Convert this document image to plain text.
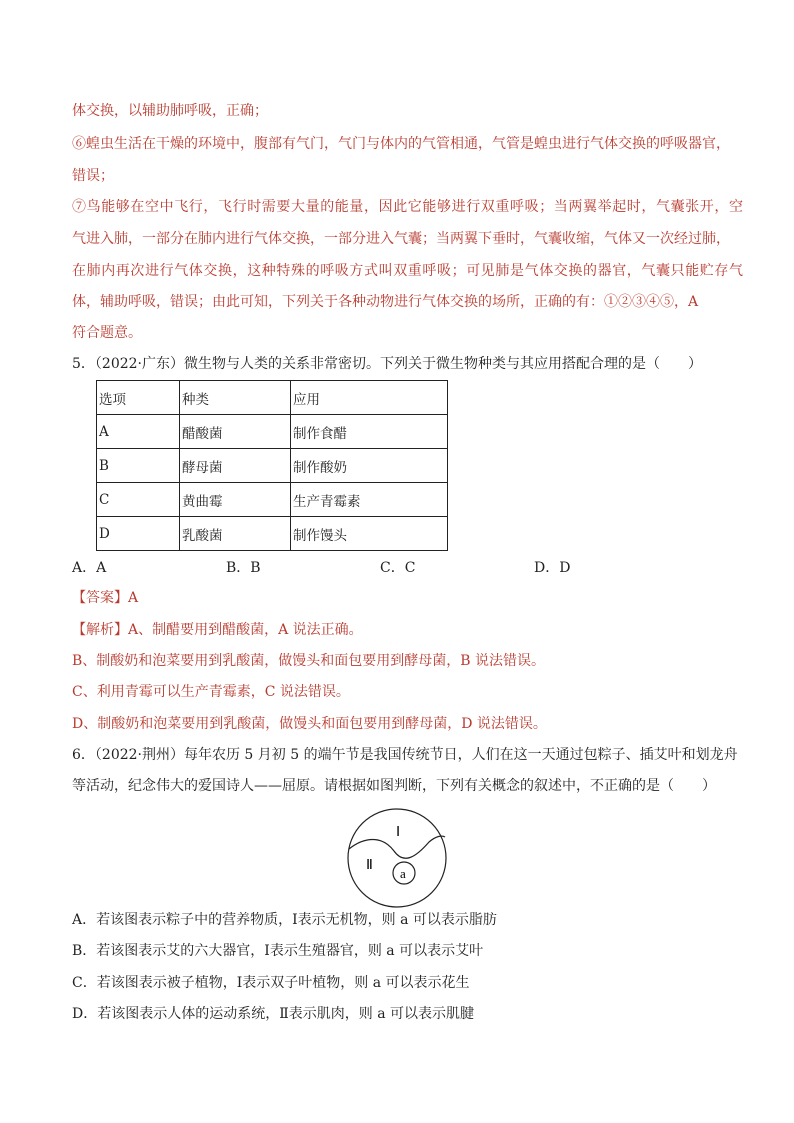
体交换，以辅助肺呼吸，正确；
⑥蝗虫生活在干燥的环境中，腹部有气门，气门与体内的气管相通，气管是蝗虫进行气体交换的呼吸器官，
错误；
⑦鸟能够在空中飞行，飞行时需要大量的能量，因此它能够进行双重呼吸；当两翼举起时，气囊张开，空
气进入肺，一部分在肺内进行气体交换，一部分进入气囊；当两翼下垂时，气囊收缩，气体又一次经过肺，
在肺内再次进行气体交换，这种特殊的呼吸方式叫双重呼吸；可见肺是气体交换的器官，气囊只能贮存气
体，辅助呼吸，错误；由此可知，下列关于各种动物进行气体交换的场所，正确的有：①②③④⑤，A
符合题意。
5．（2022·广东）微生物与人类的关系非常密切。下列关于微生物种类与其应用搭配合理的是（　　）
选项	种类	应用
A	醋酸菌	制作食醋
B	酵母菌	制作酸奶
C	黄曲霉	生产青霉素
D	乳酸菌	制作馒头
A．A	B．B	C．C	D．D
【答案】A
【解析】A、制醋要用到醋酸菌，A 说法正确。
B、制酸奶和泡菜要用到乳酸菌，做馒头和面包要用到酵母菌，B 说法错误。
C、利用青霉可以生产青霉素，C 说法错误。
D、制酸奶和泡菜要用到乳酸菌，做馒头和面包要用到酵母菌，D 说法错误。
6．（2022·荆州）每年农历 5 月初 5 的端午节是我国传统节日，人们在这一天通过包粽子、插艾叶和划龙舟
等活动，纪念伟大的爱国诗人——屈原。请根据如图判断，下列有关概念的叙述中，不正确的是（　　）
Ⅰ
Ⅱ
a
A．若该图表示粽子中的营养物质，Ⅰ表示无机物，则 a 可以表示脂肪
B．若该图表示艾的六大器官，Ⅰ表示生殖器官，则 a 可以表示艾叶
C．若该图表示被子植物，Ⅰ表示双子叶植物，则 a 可以表示花生
D．若该图表示人体的运动系统，Ⅱ表示肌肉，则 a 可以表示肌腱
